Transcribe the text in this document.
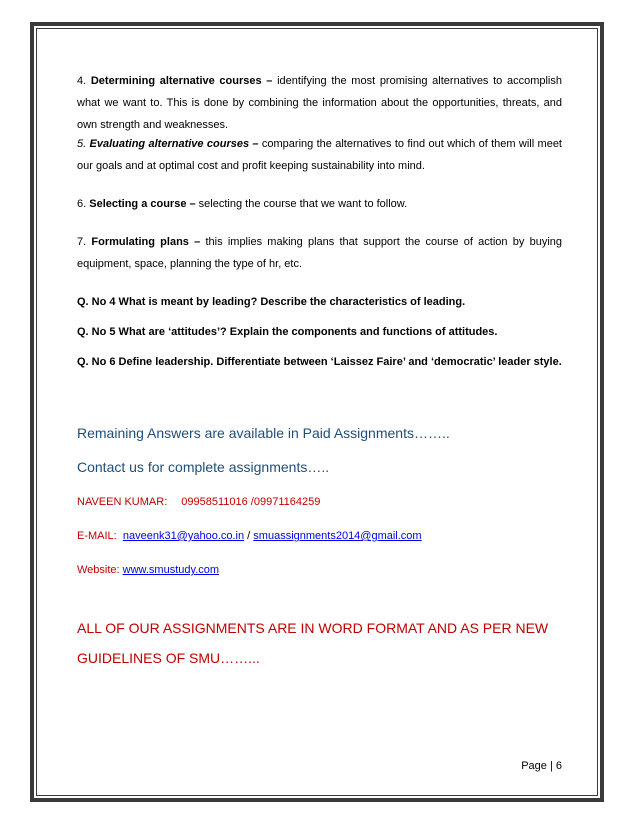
4. Determining alternative courses – identifying the most promising alternatives to accomplish what we want to. This is done by combining the information about the opportunities, threats, and own strength and weaknesses.

5. Evaluating alternative courses – comparing the alternatives to find out which of them will meet our goals and at optimal cost and profit keeping sustainability into mind.

6. Selecting a course – selecting the course that we want to follow.

7. Formulating plans – this implies making plans that support the course of action by buying equipment, space, planning the type of hr, etc.

Q. No 4 What is meant by leading? Describe the characteristics of leading.

Q. No 5 What are ‘attitudes’? Explain the components and functions of attitudes.

Q. No 6 Define leadership. Differentiate between ‘Laissez Faire’ and ‘democratic’ leader style.

Remaining Answers are available in Paid Assignments……..

Contact us for complete assignments…..

NAVEEN KUMAR: 09958511016 /09971164259

E-MAIL: naveenk31@yahoo.co.in / smuassignments2014@gmail.com

Website: www.smustudy.com

ALL OF OUR ASSIGNMENTS ARE IN WORD FORMAT AND AS PER NEW

GUIDELINES OF SMU……...

Page | 6
